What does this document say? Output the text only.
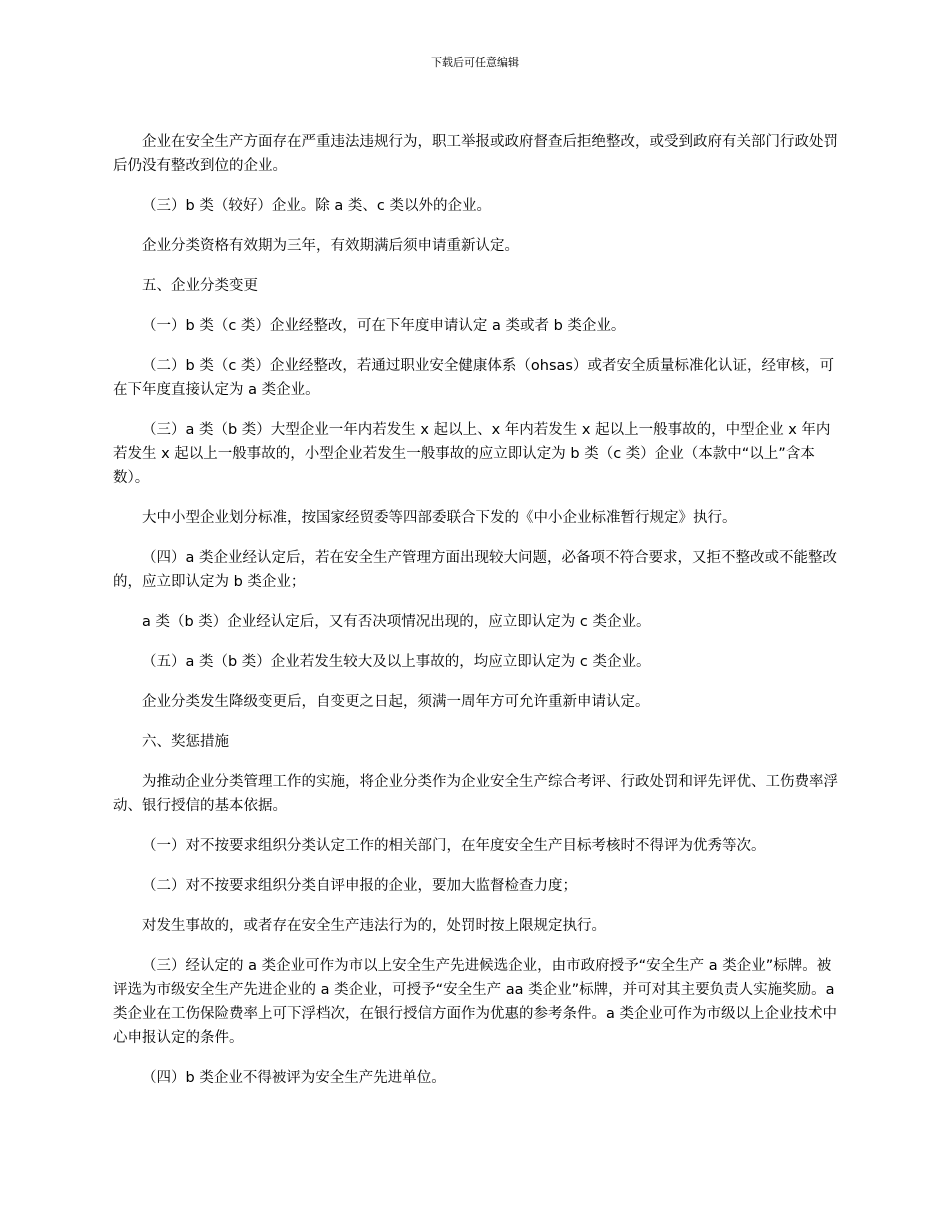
下载后可任意编辑

企业在安全生产方面存在严重违法违规行为，职工举报或政府督查后拒绝整改，或受到政府有关部门行政处罚后仍没有整改到位的企业。

（三）b 类（较好）企业。除 a 类、c 类以外的企业。

企业分类资格有效期为三年，有效期满后须申请重新认定。

五、企业分类变更

（一）b 类（c 类）企业经整改，可在下年度申请认定 a 类或者 b 类企业。

（二）b 类（c 类）企业经整改，若通过职业安全健康体系（ohsas）或者安全质量标准化认证，经审核，可在下年度直接认定为 a 类企业。

（三）a 类（b 类）大型企业一年内若发生 x 起以上、x 年内若发生 x 起以上一般事故的，中型企业 x 年内若发生 x 起以上一般事故的，小型企业若发生一般事故的应立即认定为 b 类（c 类）企业（本款中“以上”含本数）。

大中小型企业划分标准，按国家经贸委等四部委联合下发的《中小企业标准暂行规定》执行。

（四）a 类企业经认定后，若在安全生产管理方面出现较大问题，必备项不符合要求，又拒不整改或不能整改的，应立即认定为 b 类企业；

a 类（b 类）企业经认定后，又有否决项情况出现的，应立即认定为 c 类企业。

（五）a 类（b 类）企业若发生较大及以上事故的，均应立即认定为 c 类企业。

企业分类发生降级变更后，自变更之日起，须满一周年方可允许重新申请认定。

六、奖惩措施

为推动企业分类管理工作的实施，将企业分类作为企业安全生产综合考评、行政处罚和评先评优、工伤费率浮动、银行授信的基本依据。

（一）对不按要求组织分类认定工作的相关部门，在年度安全生产目标考核时不得评为优秀等次。

（二）对不按要求组织分类自评申报的企业，要加大监督检查力度；

对发生事故的，或者存在安全生产违法行为的，处罚时按上限规定执行。

（三）经认定的 a 类企业可作为市以上安全生产先进候选企业，由市政府授予“安全生产 a 类企业”标牌。被评选为市级安全生产先进企业的 a 类企业，可授予“安全生产 aa 类企业”标牌，并可对其主要负责人实施奖励。a 类企业在工伤保险费率上可下浮档次，在银行授信方面作为优惠的参考条件。a 类企业可作为市级以上企业技术中心申报认定的条件。

（四）b 类企业不得被评为安全生产先进单位。
